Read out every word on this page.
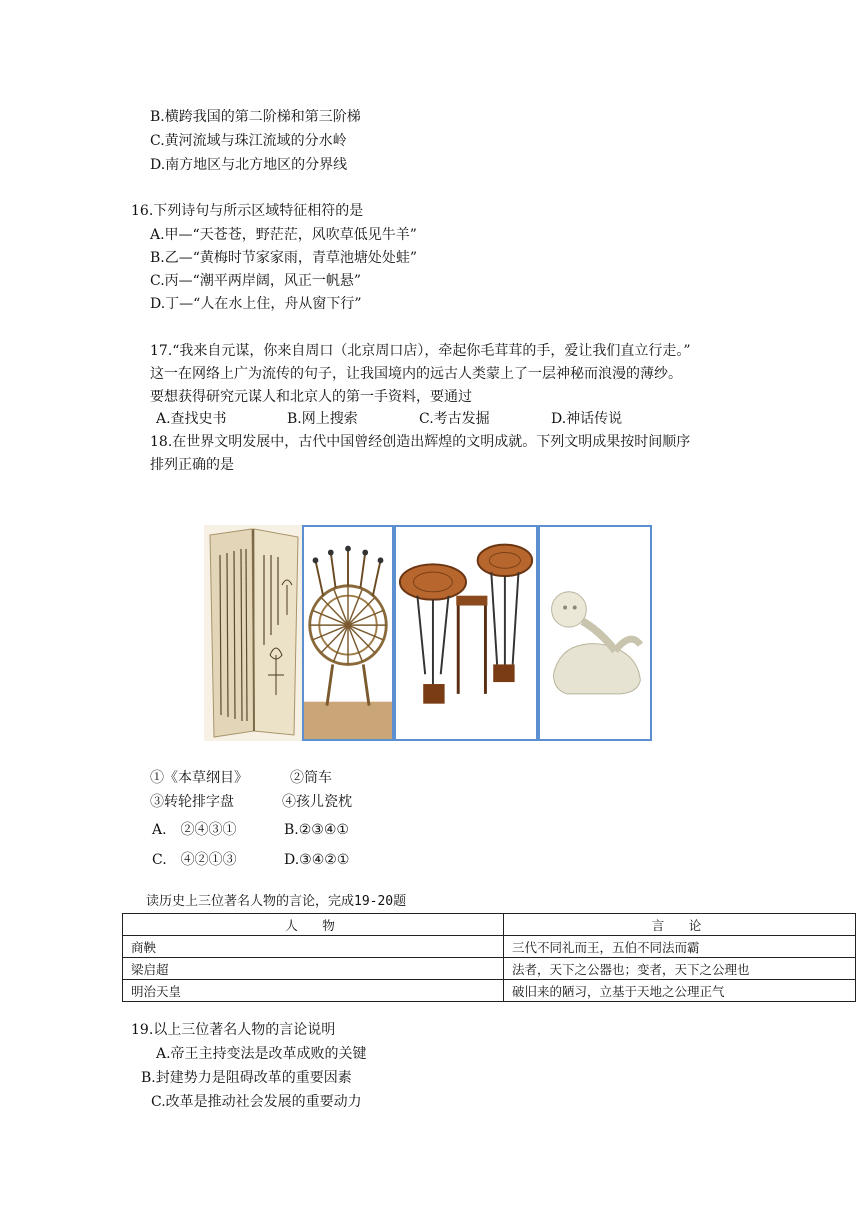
B.横跨我国的第二阶梯和第三阶梯
C.黄河流域与珠江流域的分水岭
D.南方地区与北方地区的分界线
16.下列诗句与所示区域特征相符的是
A.甲—“天苍苍，野茫茫，风吹草低见牛羊”
B.乙—“黄梅时节家家雨，青草池塘处处蛙”
C.丙—“潮平两岸阔，风正一帆悬”
D.丁—“人在水上住，舟从窗下行”
17.“我来自元谋，你来自周口（北京周口店），牵起你毛茸茸的手，爱让我们直立行走。”
这一在网络上广为流传的句子，让我国境内的远古人类蒙上了一层神秘而浪漫的薄纱。
要想获得研究元谋人和北京人的第一手资料，要通过
A.查找史书	B.网上搜索	C.考古发掘	D.神话传说
18.在世界文明发展中，古代中国曾经创造出辉煌的文明成就。下列文明成果按时间顺序
排列正确的是
①《本草纲目》	②筒车
③转轮排字盘	④孩儿瓷枕
A.　②④③①	B.②③④①
C.　④②①③	D.③④②①
读历史上三位著名人物的言论，完成19-20题
人　物	言　论
商鞅	三代不同礼而王，五伯不同法而霸
梁启超	法者，天下之公器也；变者，天下之公理也
明治天皇	破旧来的陋习，立基于天地之公理正气
19.以上三位著名人物的言论说明
A.帝王主持变法是改革成败的关键
B.封建势力是阻碍改革的重要因素
C.改革是推动社会发展的重要动力
